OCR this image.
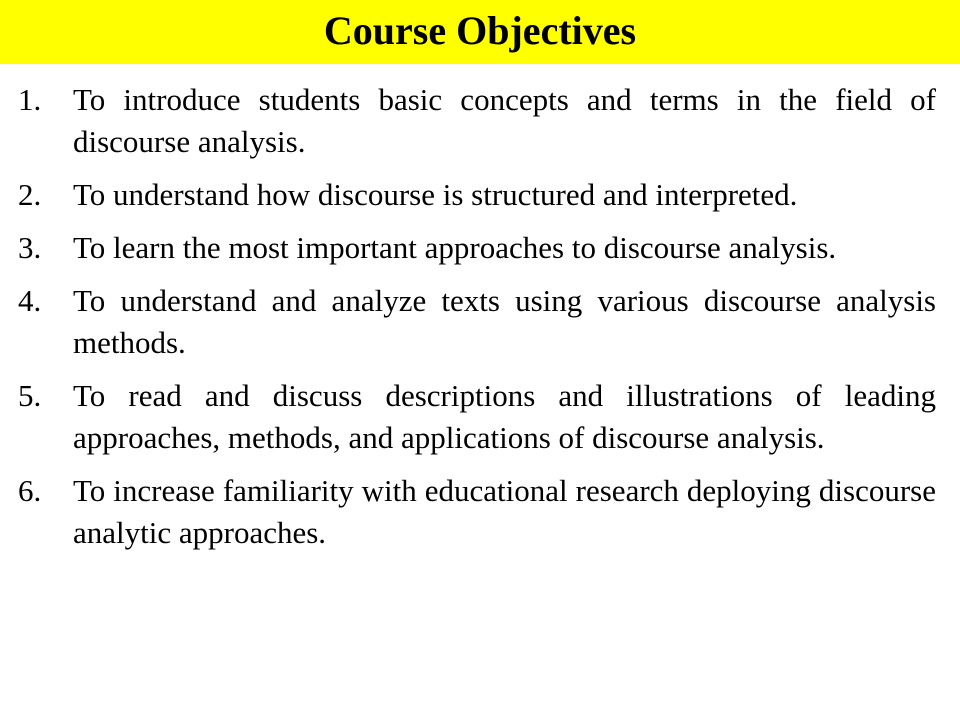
Course Objectives
1.	To introduce students basic concepts and terms in the field of discourse analysis.
2.	To understand how discourse is structured and interpreted.
3.	To learn the most important approaches to discourse analysis.
4.	To understand and analyze texts using various discourse analysis methods.
5.	To read and discuss descriptions and illustrations of leading approaches, methods, and applications of discourse analysis.
6.	To increase familiarity with educational research deploying discourse analytic approaches.
